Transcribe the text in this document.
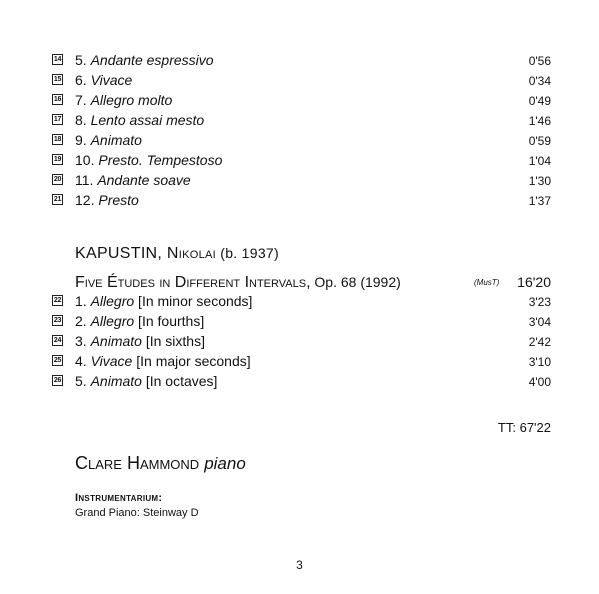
14 5. Andante espressivo	0'56
15 6. Vivace	0'34
16 7. Allegro molto	0'49
17 8. Lento assai mesto	1'46
18 9. Animato	0'59
19 10. Presto. Tempestoso	1'04
20 11. Andante soave	1'30
21 12. Presto	1'37
KAPUSTIN, Nikolai (b. 1937)
Five Études in Different Intervals, Op. 68 (1992)	(MusT) 16'20
22 1. Allegro [In minor seconds]	3'23
23 2. Allegro [In fourths]	3'04
24 3. Animato [In sixths]	2'42
25 4. Vivace [In major seconds]	3'10
26 5. Animato [In octaves]	4'00
TT: 67'22
Clare Hammond piano
Instrumentarium:
Grand Piano: Steinway D
3
